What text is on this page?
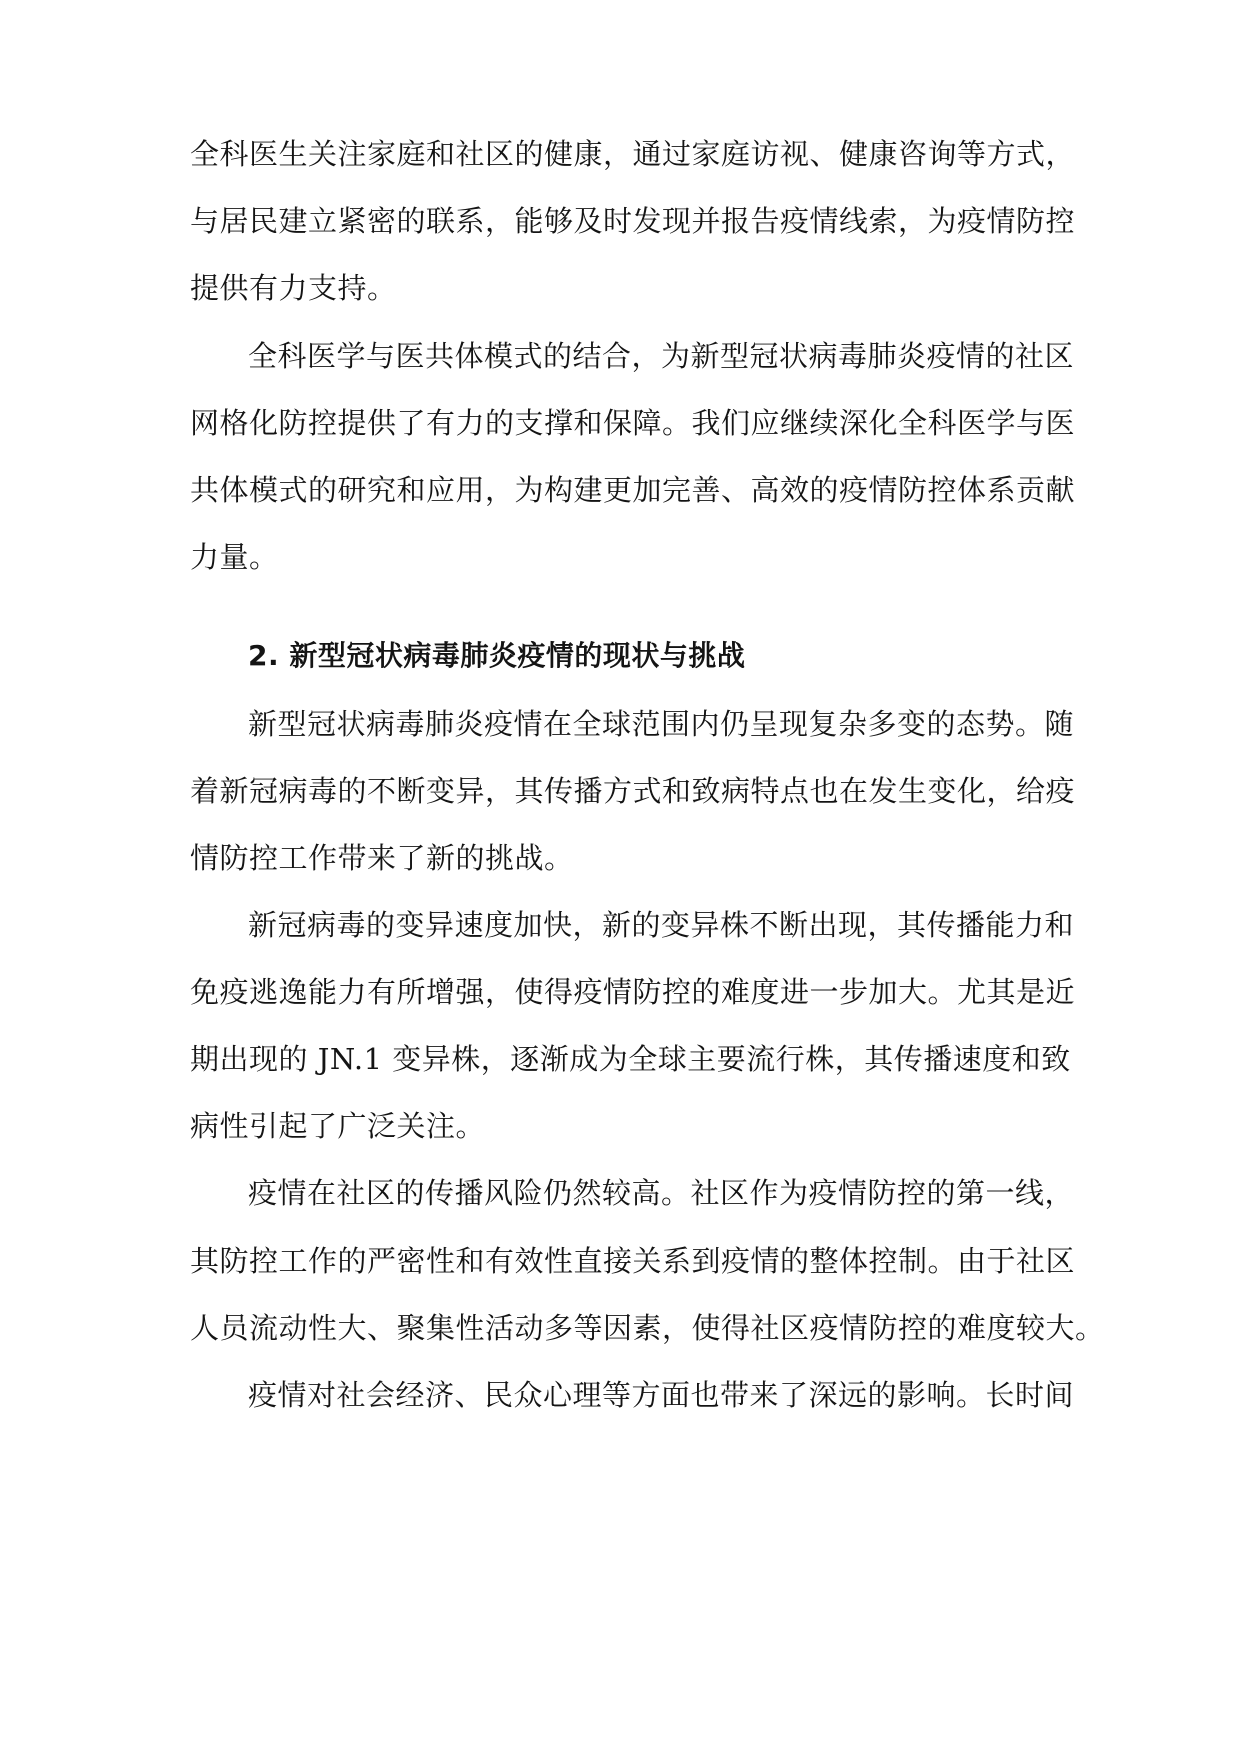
全科医生关注家庭和社区的健康，通过家庭访视、健康咨询等方式，
与居民建立紧密的联系，能够及时发现并报告疫情线索，为疫情防控
提供有力支持。
全科医学与医共体模式的结合，为新型冠状病毒肺炎疫情的社区
网格化防控提供了有力的支撑和保障。我们应继续深化全科医学与医
共体模式的研究和应用，为构建更加完善、高效的疫情防控体系贡献
力量。
2. 新型冠状病毒肺炎疫情的现状与挑战
新型冠状病毒肺炎疫情在全球范围内仍呈现复杂多变的态势。随
着新冠病毒的不断变异，其传播方式和致病特点也在发生变化，给疫
情防控工作带来了新的挑战。
新冠病毒的变异速度加快，新的变异株不断出现，其传播能力和
免疫逃逸能力有所增强，使得疫情防控的难度进一步加大。尤其是近
期出现的 JN.1 变异株，逐渐成为全球主要流行株，其传播速度和致
病性引起了广泛关注。
疫情在社区的传播风险仍然较高。社区作为疫情防控的第一线，
其防控工作的严密性和有效性直接关系到疫情的整体控制。由于社区
人员流动性大、聚集性活动多等因素，使得社区疫情防控的难度较大。
疫情对社会经济、民众心理等方面也带来了深远的影响。长时间
